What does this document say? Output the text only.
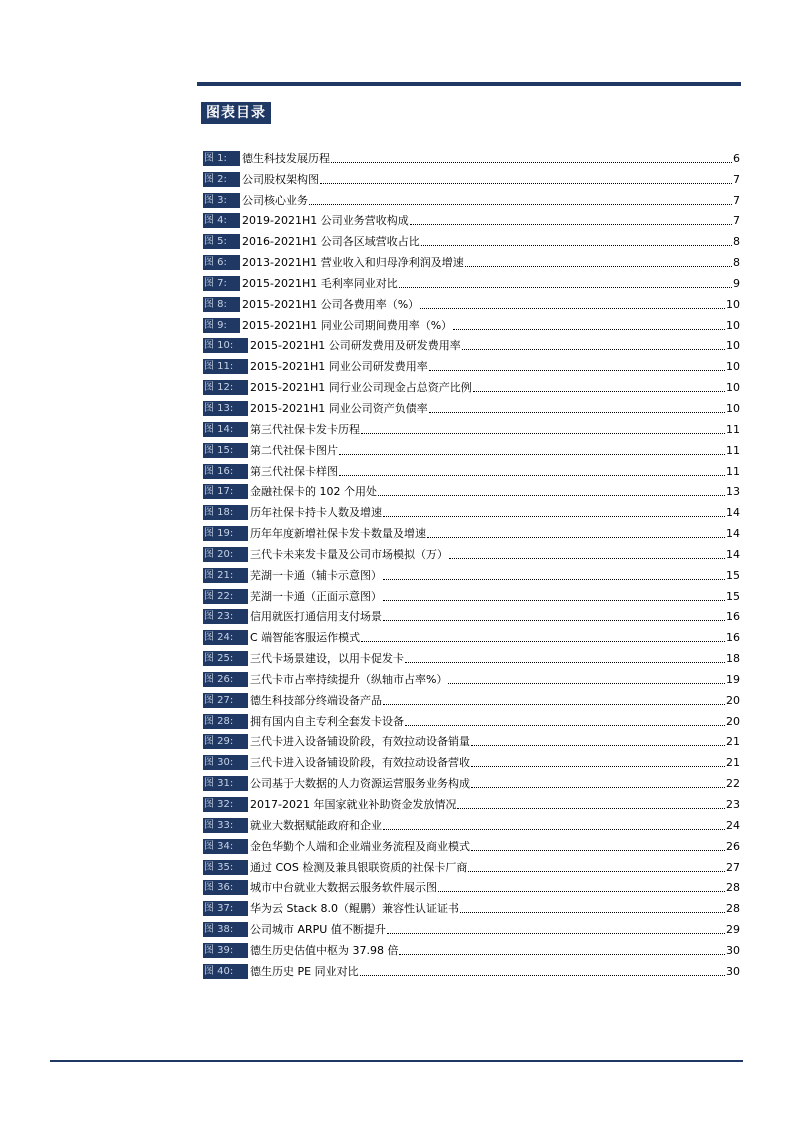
图表目录
图 1:	德生科技发展历程	6
图 2:	公司股权架构图	7
图 3:	公司核心业务	7
图 4:	2019-2021H1 公司业务营收构成	7
图 5:	2016-2021H1 公司各区域营收占比	8
图 6:	2013-2021H1 营业收入和归母净利润及增速	8
图 7:	2015-2021H1 毛利率同业对比	9
图 8:	2015-2021H1 公司各费用率（%）	10
图 9:	2015-2021H1 同业公司期间费用率（%）	10
图 10:	2015-2021H1 公司研发费用及研发费用率	10
图 11:	2015-2021H1 同业公司研发费用率	10
图 12:	2015-2021H1 同行业公司现金占总资产比例	10
图 13:	2015-2021H1 同业公司资产负债率	10
图 14:	第三代社保卡发卡历程	11
图 15:	第二代社保卡图片	11
图 16:	第三代社保卡样图	11
图 17:	金融社保卡的 102 个用处	13
图 18:	历年社保卡持卡人数及增速	14
图 19:	历年年度新增社保卡发卡数量及增速	14
图 20:	三代卡未来发卡量及公司市场模拟（万）	14
图 21:	芜湖一卡通（辅卡示意图）	15
图 22:	芜湖一卡通（正面示意图）	15
图 23:	信用就医打通信用支付场景	16
图 24:	C 端智能客服运作模式	16
图 25:	三代卡场景建设，以用卡促发卡	18
图 26:	三代卡市占率持续提升（纵轴市占率%）	19
图 27:	德生科技部分终端设备产品	20
图 28:	拥有国内自主专利全套发卡设备	20
图 29:	三代卡进入设备铺设阶段，有效拉动设备销量	21
图 30:	三代卡进入设备铺设阶段，有效拉动设备营收	21
图 31:	公司基于大数据的人力资源运营服务业务构成	22
图 32:	2017-2021 年国家就业补助资金发放情况	23
图 33:	就业大数据赋能政府和企业	24
图 34:	金色华勤个人端和企业端业务流程及商业模式	26
图 35:	通过 COS 检测及兼具银联资质的社保卡厂商	27
图 36:	城市中台就业大数据云服务软件展示图	28
图 37:	华为云 Stack 8.0（鲲鹏）兼容性认证证书	28
图 38:	公司城市 ARPU 值不断提升	29
图 39:	德生历史估值中枢为 37.98 倍	30
图 40:	德生历史 PE 同业对比	30
